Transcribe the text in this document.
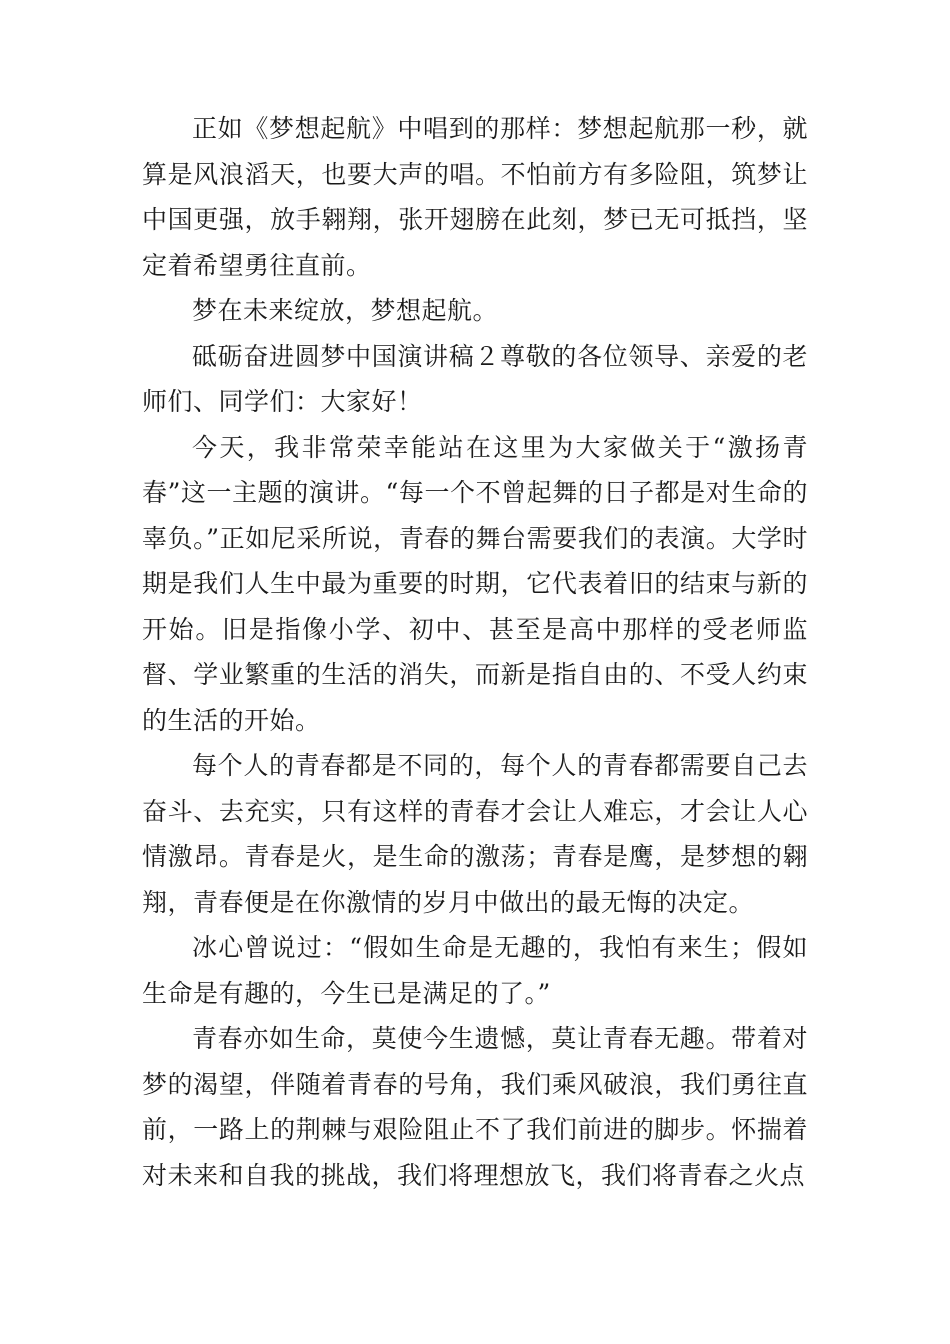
正如《梦想起航》中唱到的那样：梦想起航那一秒，就算是风浪滔天，也要大声的唱。不怕前方有多险阻，筑梦让中国更强，放手翱翔，张开翅膀在此刻，梦已无可抵挡，坚定着希望勇往直前。

梦在未来绽放，梦想起航。

砥砺奋进圆梦中国演讲稿２尊敬的各位领导、亲爱的老师们、同学们：大家好！

今天，我非常荣幸能站在这里为大家做关于“激扬青春”这一主题的演讲。“每一个不曾起舞的日子都是对生命的辜负。”正如尼采所说，青春的舞台需要我们的表演。大学时期是我们人生中最为重要的时期，它代表着旧的结束与新的开始。旧是指像小学、初中、甚至是高中那样的受老师监督、学业繁重的生活的消失，而新是指自由的、不受人约束的生活的开始。

每个人的青春都是不同的，每个人的青春都需要自己去奋斗、去充实，只有这样的青春才会让人难忘，才会让人心情激昂。青春是火，是生命的激荡；青春是鹰，是梦想的翱翔，青春便是在你激情的岁月中做出的最无悔的决定。

冰心曾说过：“假如生命是无趣的，我怕有来生；假如生命是有趣的，今生已是满足的了。”

青春亦如生命，莫使今生遗憾，莫让青春无趣。带着对梦的渴望，伴随着青春的号角，我们乘风破浪，我们勇往直前，一路上的荆棘与艰险阻止不了我们前进的脚步。怀揣着对未来和自我的挑战，我们将理想放飞，我们将青春之火点
